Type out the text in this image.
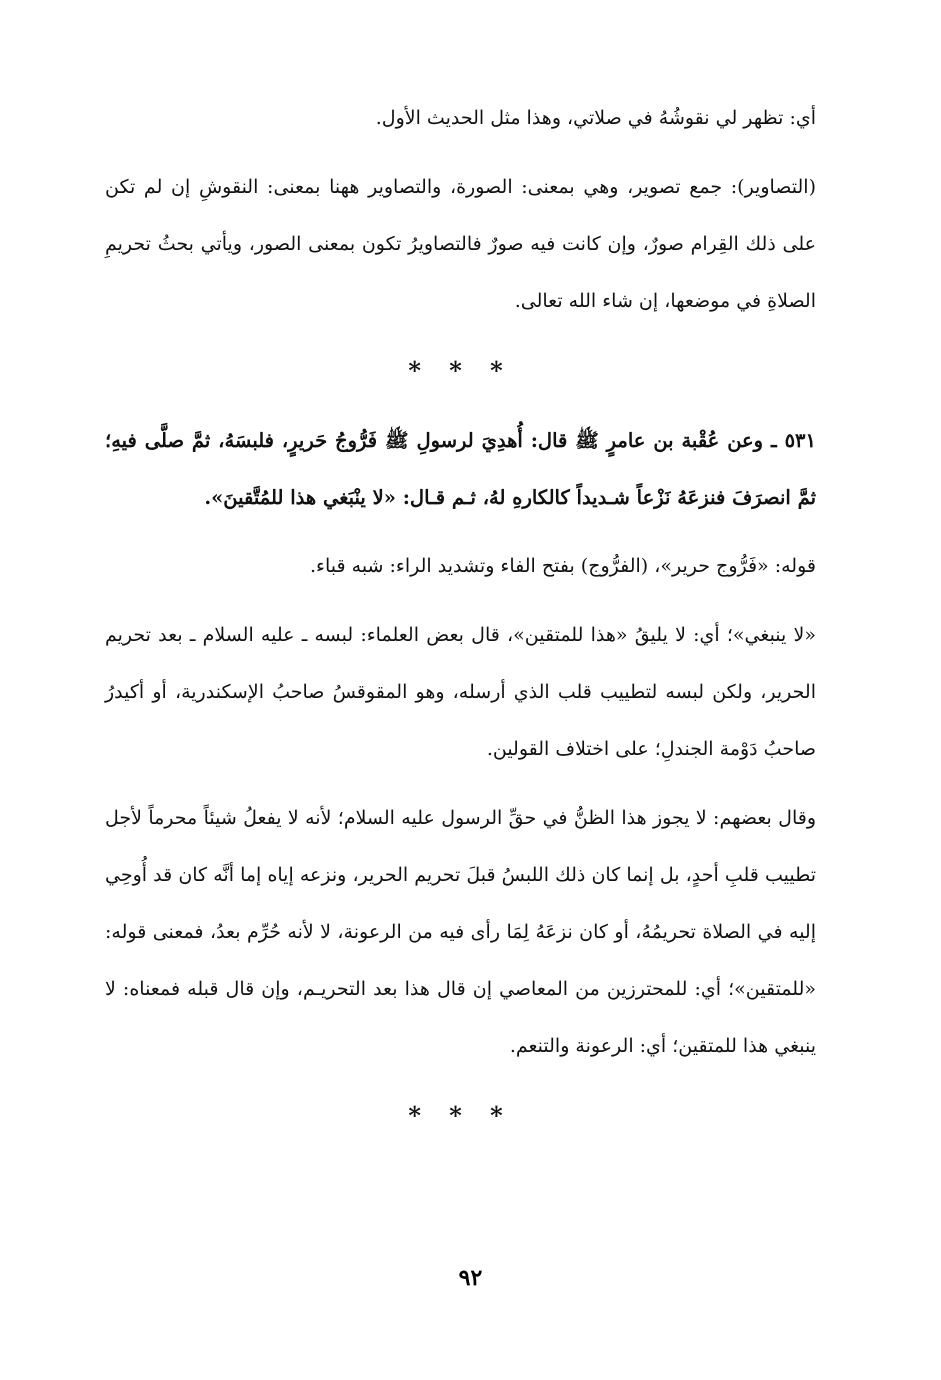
أي: تظهر لي نقوشُهُ في صلاتي، وهذا مثل الحديث الأول.

(التصاوير): جمع تصوير، وهي بمعنى: الصورة، والتصاوير ههنا بمعنى: النقوشِ إن لم تكن على ذلك القِرام صورٌ، وإن كانت فيه صورٌ فالتصاويرُ تكون بمعنى الصور، ويأتي بحثُ تحريمِ الصلاةِ في موضعها، إن شاء الله تعالى.

* * *

٥٣١ ـ وعن عُقْبة بن عامرٍ ﷺ قال: أُهدِيَ لرسولِ ﷺ فَرُّوجُ حَريرٍ، فلبسَهُ، ثمَّ صلَّى فيهِ؛ ثمَّ انصرَفَ فنزعَهُ نَزْعاً شـديداً كالكارهِ لهُ، ثـم قـال: «لا ينْبَغي هذا للمُتَّقينَ».

قوله: «فَرُّوج حرير»، (الفرُّوج) بفتح الفاء وتشديد الراء: شبه قباء.

«لا ينبغي»؛ أي: لا يليقُ «هذا للمتقين»، قال بعض العلماء: لبسه ـ عليه السلام ـ بعد تحريم الحرير، ولكن لبسه لتطييب قلب الذي أرسله، وهو المقوقسُ صاحبُ الإسكندرية، أو أكيدرُ صاحبُ دَوْمة الجندلِ؛ على اختلاف القولين.

وقال بعضهم: لا يجوز هذا الظنُّ في حقِّ الرسول عليه السلام؛ لأنه لا يفعلُ شيئاً محرماً لأجل تطييب قلبِ أحدٍ، بل إنما كان ذلك اللبسُ قبلَ تحريم الحرير، ونزعه إياه إما أنَّه كان قد أُوحِي إليه في الصلاة تحريمُهُ، أو كان نزعَهُ لِمَا رأى فيه من الرعونة، لا لأنه حُرِّم بعدُ، فمعنى قوله: «للمتقين»؛ أي: للمحترزين من المعاصي إن قال هذا بعد التحريـم، وإن قال قبله فمعناه: لا ينبغي هذا للمتقين؛ أي: الرعونة والتنعم.

* * *
٩٢
